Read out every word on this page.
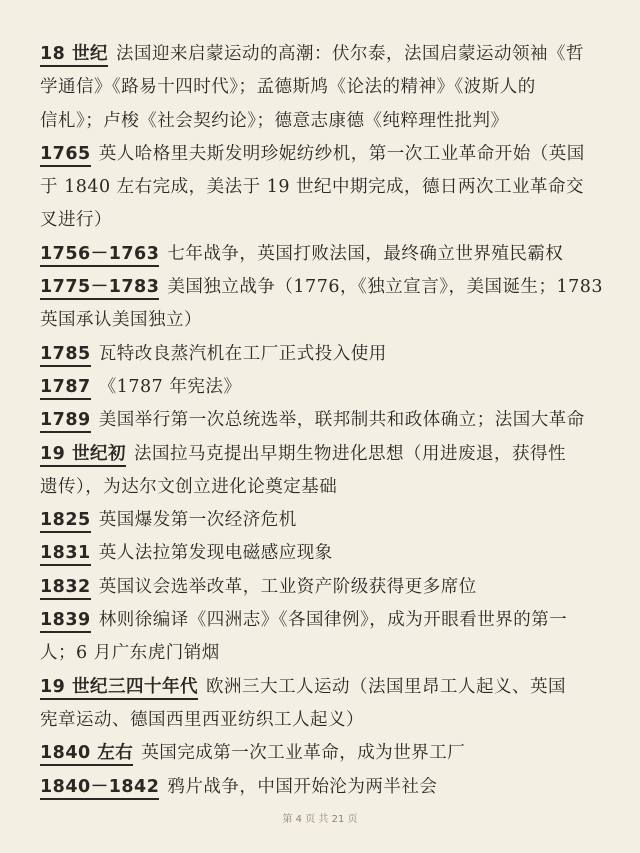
18 世纪 法国迎来启蒙运动的高潮：伏尔泰，法国启蒙运动领袖《哲
学通信》《路易十四时代》；孟德斯鸠《论法的精神》《波斯人的
信札》；卢梭《社会契约论》；德意志康德《纯粹理性批判》
1765 英人哈格里夫斯发明珍妮纺纱机，第一次工业革命开始（英国
于 1840 左右完成，美法于 19 世纪中期完成，德日两次工业革命交
叉进行）
1756－1763 七年战争，英国打败法国，最终确立世界殖民霸权
1775－1783 美国独立战争（1776，《独立宣言》，美国诞生；1783
英国承认美国独立）
1785 瓦特改良蒸汽机在工厂正式投入使用
1787 《1787 年宪法》
1789 美国举行第一次总统选举，联邦制共和政体确立；法国大革命
19 世纪初 法国拉马克提出早期生物进化思想（用进废退，获得性
遗传），为达尔文创立进化论奠定基础
1825 英国爆发第一次经济危机
1831 英人法拉第发现电磁感应现象
1832 英国议会选举改革，工业资产阶级获得更多席位
1839 林则徐编译《四洲志》《各国律例》，成为开眼看世界的第一
人；6 月广东虎门销烟
19 世纪三四十年代 欧洲三大工人运动（法国里昂工人起义、英国
宪章运动、德国西里西亚纺织工人起义）
1840 左右 英国完成第一次工业革命，成为世界工厂
1840－1842 鸦片战争，中国开始沦为两半社会
第 4 页 共 21 页
